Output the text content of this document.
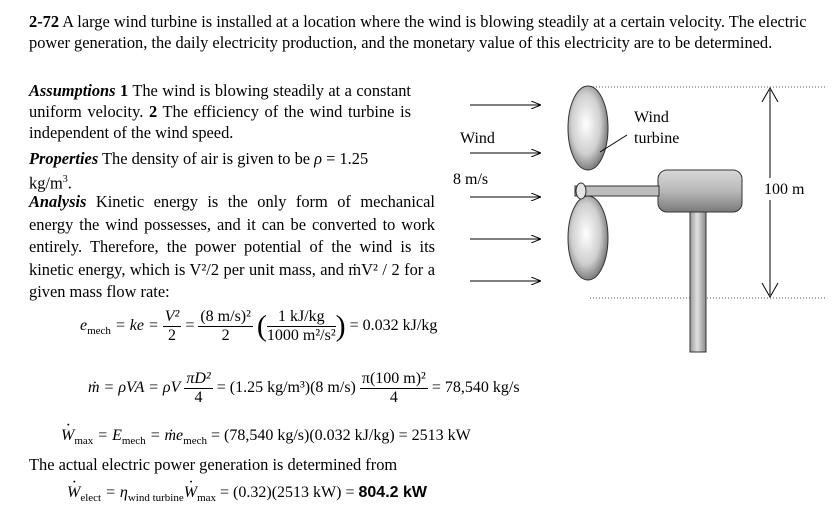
2-72 A large wind turbine is installed at a location where the wind is blowing steadily at a certain velocity. The electric power generation, the daily electricity production, and the monetary value of this electricity are to be determined.
Assumptions 1 The wind is blowing steadily at a constant uniform velocity. 2 The efficiency of the wind turbine is independent of the wind speed.
Properties The density of air is given to be ρ = 1.25 $kg/m^3$.
Analysis Kinetic energy is the only form of mechanical energy the wind possesses, and it can be converted to work entirely. Therefore, the power potential of the wind is its kinetic energy, which is V²/2 per unit mass, and ṁV² / 2 for a given mass flow rate:
Wind
8 m/s
Wind
turbine
100 m
$e_{mech}$ = ke = $\frac{\text{V²}}{2} = \frac{\text{(8 m/s)²}}{2}$ ( $\frac{1 kJ/kg}{\text{1000 m²/s²}}$ ) = 0.032 kJ/kg
ṁ = ρVA = ρV $\frac{\text{πD²}}{4} = (1.25$ kg/m³)(8 $m/s) \frac{\text{π(100 m)²}}{4} = 78,540$ kg/s
$W \cdot_{max} = E_{mech}$ = ṁe$_{mech}$ = (78,540 kg/s)(0.032 kJ/kg) = 2513 kW
The actual electric power generation is determined from
$W \cdot_{elect} = \eta_{wind turbine}W \cdot_{max} = (0.32)(2513$ kW) = 804.2 kW
